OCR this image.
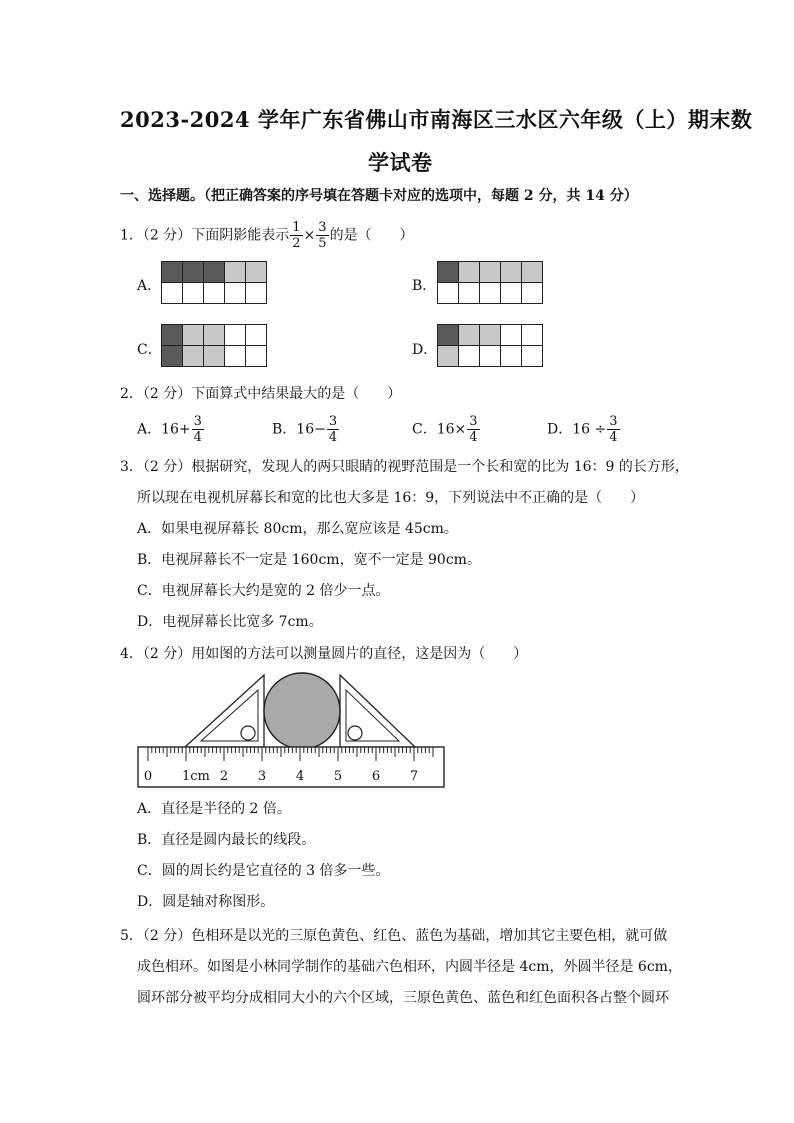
2023-2024 学年广东省佛山市南海区三水区六年级（上）期末数
学试卷
一、选择题。（把正确答案的序号填在答题卡对应的选项中，每题 2 分，共 14 分）
1．（2 分）下面阴影能表示 $\frac{1}{2} \times \frac{3}{5}$ 的是（　　）
A．	B．
C．	D．
2．（2 分）下面算式中结果最大的是（　　）
A．$16+ \frac{3}{4}$	B．$16- \frac{3}{4}$	C．$16\times \frac{3}{4}$	D．$16 \div \frac{3}{4}$
3．（2 分）根据研究，发现人的两只眼睛的视野范围是一个长和宽的比为 16：9 的长方形，
所以现在电视机屏幕长和宽的比也大多是 16：9，下列说法中不正确的是（　　）
A．如果电视屏幕长 80cm，那么宽应该是 45cm。
B．电视屏幕长不一定是 160cm，宽不一定是 90cm。
C．电视屏幕长大约是宽的 2 倍少一点。
D．电视屏幕长比宽多 7cm。
4．（2 分）用如图的方法可以测量圆片的直径，这是因为（　　）
0 1cm 2 3 4 5 6 7
A．直径是半径的 2 倍。
B．直径是圆内最长的线段。
C．圆的周长约是它直径的 3 倍多一些。
D．圆是轴对称图形。
5．（2 分）色相环是以光的三原色黄色、红色、蓝色为基础，增加其它主要色相，就可做
成色相环。如图是小林同学制作的基础六色相环，内圆半径是 4cm，外圆半径是 6cm，
圆环部分被平均分成相同大小的六个区域，三原色黄色、蓝色和红色面积各占整个圆环
